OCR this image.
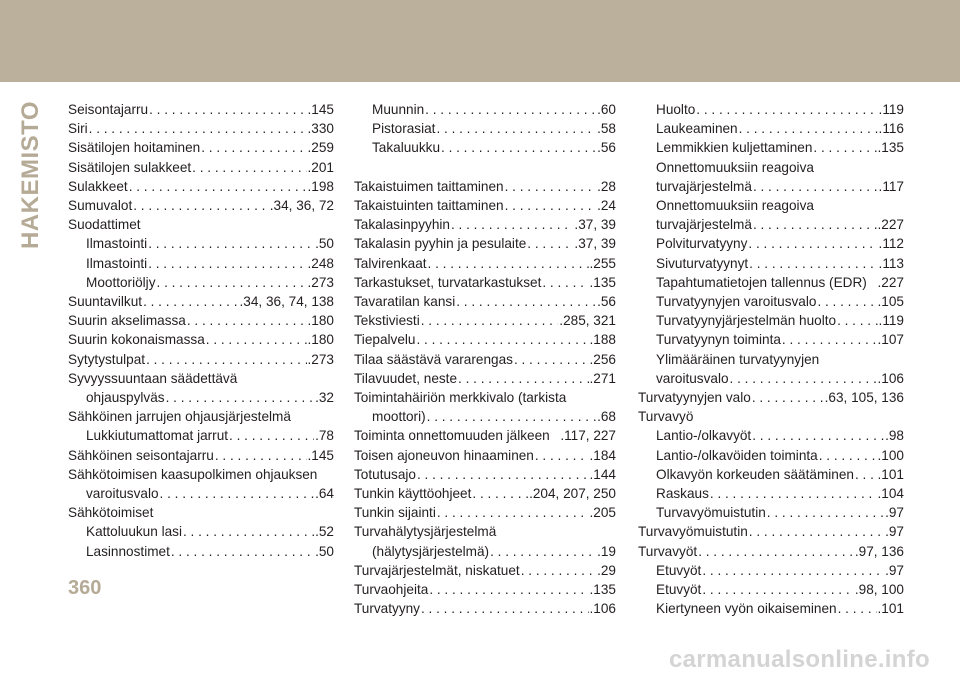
HAKEMISTO Seisontajarru . . .	.145
Siri . . .	.330
Sisätilojen hoitaminen . . .	.259
Sisätilojen sulakkeet . . .	.201
Sulakkeet . . .	.198
Sumuvalot . . .	.34, 36, 72
Suodattimet
Ilmastointi . . .	.50
Ilmastointi . . .	.248
Moottoriöljy . . .	.273
Suuntavilkut . . .	.34, 36, 74, 138
Suurin akselimassa . . .	.180
Suurin kokonaismassa . . .	.180
Sytytystulpat . . .	.273
Syvyyssuuntaan säädettävä
ohjauspylväs . . .	.32
Sähköinen jarrujen ohjausjärjestelmä
Lukkiutumattomat jarrut . . .	.78
Sähköinen seisontajarru . . .	.145
Sähkötoimisen kaasupolkimen ohjauksen
varoitusvalo . . .	.64
Sähkötoimiset
Kattoluukun lasi . . .	.52
Lasinnostimet . . .	.50
Muunnin . . .	.60
Pistorasiat . . .	.58
Takaluukku . . .	.56
Takaistuimen taittaminen . . .	.28
Takaistuinten taittaminen . . .	.24
Takalasinpyyhin . . .	.37, 39
Takalasin pyyhin ja pesulaite . . .	.37, 39
Talvirenkaat . . .	.255
Tarkastukset, turvatarkastukset . . .	.135
Tavaratilan kansi . . .	.56
Tekstiviesti . . .	.285, 321
Tiepalvelu . . .	.188
Tilaa säästävä vararengas . . .	.256
Tilavuudet, neste . . .	.271
Toimintahäiriön merkkivalo (tarkista
moottori) . . .	.68
Toiminta onnettomuuden jälkeen .117, 227
Toisen ajoneuvon hinaaminen . . .	.184
Totutusajo . . .	.144
Tunkin käyttöohjeet . . .	.204, 207, 250
Tunkin sijainti . . .	.205
Turvahälytysjärjestelmä
(hälytysjärjestelmä) . . .	.19
Turvajärjestelmät, niskatuet . . .	.29
Turvaohjeita . . .	.135
Turvatyyny . . .	.106
Huolto . . .	.119
Laukeaminen . . .	.116
Lemmikkien kuljettaminen . . .	.135
Onnettomuuksiin reagoiva
turvajärjestelmä . . .	.117
Onnettomuuksiin reagoiva
turvajärjestelmä . . .	.227
Polviturvatyyny . . .	.112
Sivuturvatyynyt . . .	.113
Tapahtumatietojen tallennus (EDR) .227
Turvatyynyjen varoitusvalo . . .	.105
Turvatyynyjärjestelmän huolto . . .	.119
Turvatyynyn toiminta . . .	.107
Ylimääräinen turvatyynyjen
varoitusvalo . . .	.106
Turvatyynyjen valo . . .	.63, 105, 136
Turvavyö
Lantio-/olkavyöt . . .	.98
Lantio-/olkavöiden toiminta . . .	.100
Olkavyön korkeuden säätäminen . . . .101
Raskaus . . .	.104
Turvavyömuistutin . . .	.97
Turvavyömuistutin . . .	.97
Turvavyöt . . .	.97, 136
Etuvyöt . . .	.97
Etuvyöt . . .	.98, 100
Kiertyneen vyön oikaiseminen . . .	.101
360
carmanualsonline.info
